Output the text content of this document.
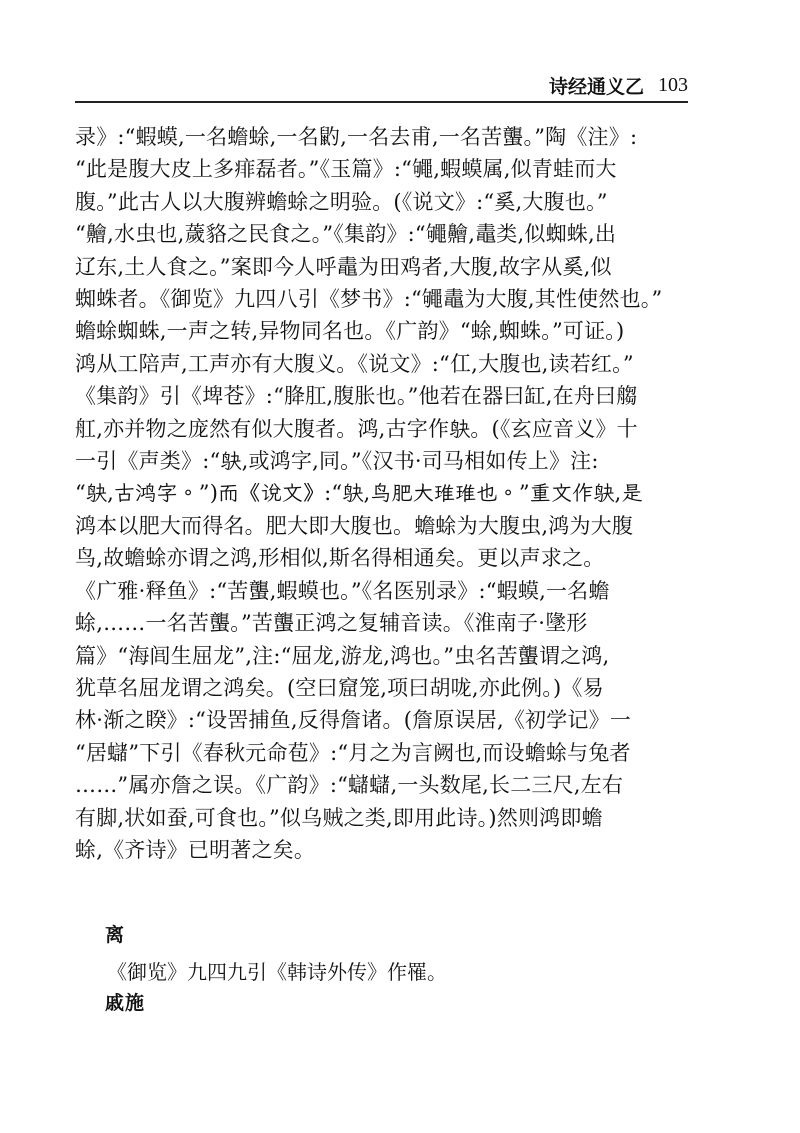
诗经通义乙 103
录》:“蝦蟆,一名蟾蜍,一名䶂,一名去甫,一名苦蠪。”陶《注》:
“此是腹大皮上多痱磊者。”《玉篇》:“䵶,蝦蟆属,似青蛙而大
腹。”此古人以大腹辨蟾蜍之明验。(《说文》:“奚,大腹也。”
“䶐,水虫也,薉貉之民食之。”《集韵》:“䵶䶐,鼃类,似蜘蛛,出
辽东,土人食之。”案即今人呼鼃为田鸡者,大腹,故字从奚,似
蜘蛛者。《御览》九四八引《梦书》:“䵶鼃为大腹,其性使然也。”
蟾蜍蜘蛛,一声之转,异物同名也。《广韵》“蜍,蜘蛛。”可证。)
鸿从工陪声,工声亦有大腹义。《说文》:“仜,大腹也,读若红。”
《集韵》引《埤苍》:“胮肛,腹胀也。”他若在器曰缸,在舟曰䑼
舡,亦并物之庞然有似大腹者。鸿,古字作𫛞。(《玄应音义》十
一引《声类》:“𫛞,或鸿字,同。”《汉书·司马相如传上》注:
“𫛞,古鸿字。”)而《说文》:“𫛞,鸟肥大琟琟也。”重文作𫛞,是
鸿本以肥大而得名。肥大即大腹也。蟾蜍为大腹虫,鸿为大腹
鸟,故蟾蜍亦谓之鸿,形相似,斯名得相通矣。更以声求之。
《广雅·释鱼》:“苦蠪,蝦蟆也。”《名医别录》:“蝦蟆,一名蟾
蜍,……一名苦蠪。”苦蠪正鸿之复辅音读。《淮南子·墬形
篇》“海闾生屈龙”,注:“屈龙,游龙,鸿也。”虫名苦蠪谓之鸿,
犹草名屈龙谓之鸿矣。(空曰窟笼,项曰胡咙,亦此例。)《易
林·渐之睽》:“设罟捕鱼,反得詹诸。(詹原误居,《初学记》一
“居蠩”下引《春秋元命苞》:“月之为言阙也,而设蟾蜍与兔者
……”属亦詹之误。《广韵》:“蠩蠩,一头数尾,长二三尺,左右
有脚,状如蚕,可食也。”似乌贼之类,即用此诗。)然则鸿即蟾
蜍,《齐诗》已明著之矣。
离
《御览》九四九引《韩诗外传》作罹。
戚施
